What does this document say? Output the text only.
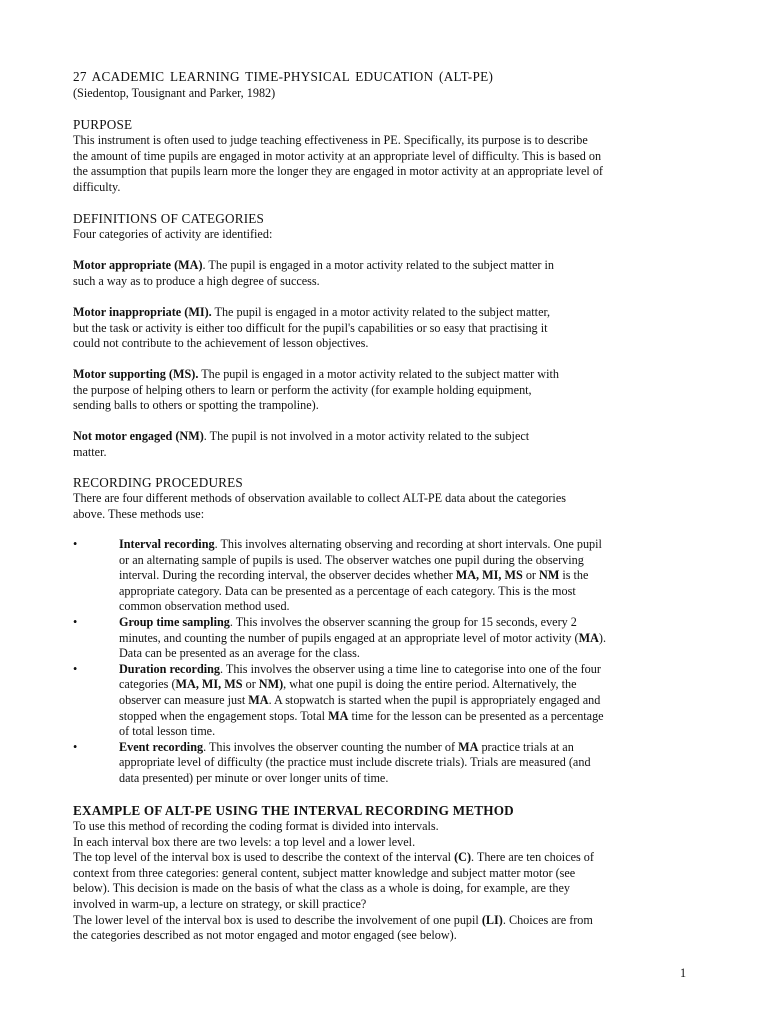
27 ACADEMIC LEARNING TIME-PHYSICAL EDUCATION (ALT-PE)
(Siedentop, Tousignant and Parker, 1982)
PURPOSE
This instrument is often used to judge teaching effectiveness in PE. Specifically, its purpose is to describe
the amount of time pupils are engaged in motor activity at an appropriate level of difficulty. This is based on
the assumption that pupils learn more the longer they are engaged in motor activity at an appropriate level of
difficulty.
DEFINITIONS OF CATEGORIES
Four categories of activity are identified:
Motor appropriate (MA). The pupil is engaged in a motor activity related to the subject matter in
such a way as to produce a high degree of success.
Motor inappropriate (MI). The pupil is engaged in a motor activity related to the subject matter,
but the task or activity is either too difficult for the pupil's capabilities or so easy that practising it
could not contribute to the achievement of lesson objectives.
Motor supporting (MS). The pupil is engaged in a motor activity related to the subject matter with
the purpose of helping others to learn or perform the activity (for example holding equipment,
sending balls to others or spotting the trampoline).
Not motor engaged (NM). The pupil is not involved in a motor activity related to the subject
matter.
RECORDING PROCEDURES
There are four different methods of observation available to collect ALT-PE data about the categories
above. These methods use:
•	Interval recording. This involves alternating observing and recording at short intervals. One pupil
or an alternating sample of pupils is used. The observer watches one pupil during the observing
interval. During the recording interval, the observer decides whether MA, MI, MS or NM is the
appropriate category. Data can be presented as a percentage of each category. This is the most
common observation method used.
•	Group time sampling. This involves the observer scanning the group for 15 seconds, every 2
minutes, and counting the number of pupils engaged at an appropriate level of motor activity (MA).
Data can be presented as an average for the class.
•	Duration recording. This involves the observer using a time line to categorise into one of the four
categories (MA, MI, MS or NM), what one pupil is doing the entire period. Alternatively, the
observer can measure just MA. A stopwatch is started when the pupil is appropriately engaged and
stopped when the engagement stops. Total MA time for the lesson can be presented as a percentage
of total lesson time.
•	Event recording. This involves the observer counting the number of MA practice trials at an
appropriate level of difficulty (the practice must include discrete trials). Trials are measured (and
data presented) per minute or over longer units of time.
EXAMPLE OF ALT-PE USING THE INTERVAL RECORDING METHOD
To use this method of recording the coding format is divided into intervals.
In each interval box there are two levels: a top level and a lower level.
The top level of the interval box is used to describe the context of the interval (C). There are ten choices of
context from three categories: general content, subject matter knowledge and subject matter motor (see
below). This decision is made on the basis of what the class as a whole is doing, for example, are they
involved in warm-up, a lecture on strategy, or skill practice?
The lower level of the interval box is used to describe the involvement of one pupil (LI). Choices are from
the categories described as not motor engaged and motor engaged (see below).
1
